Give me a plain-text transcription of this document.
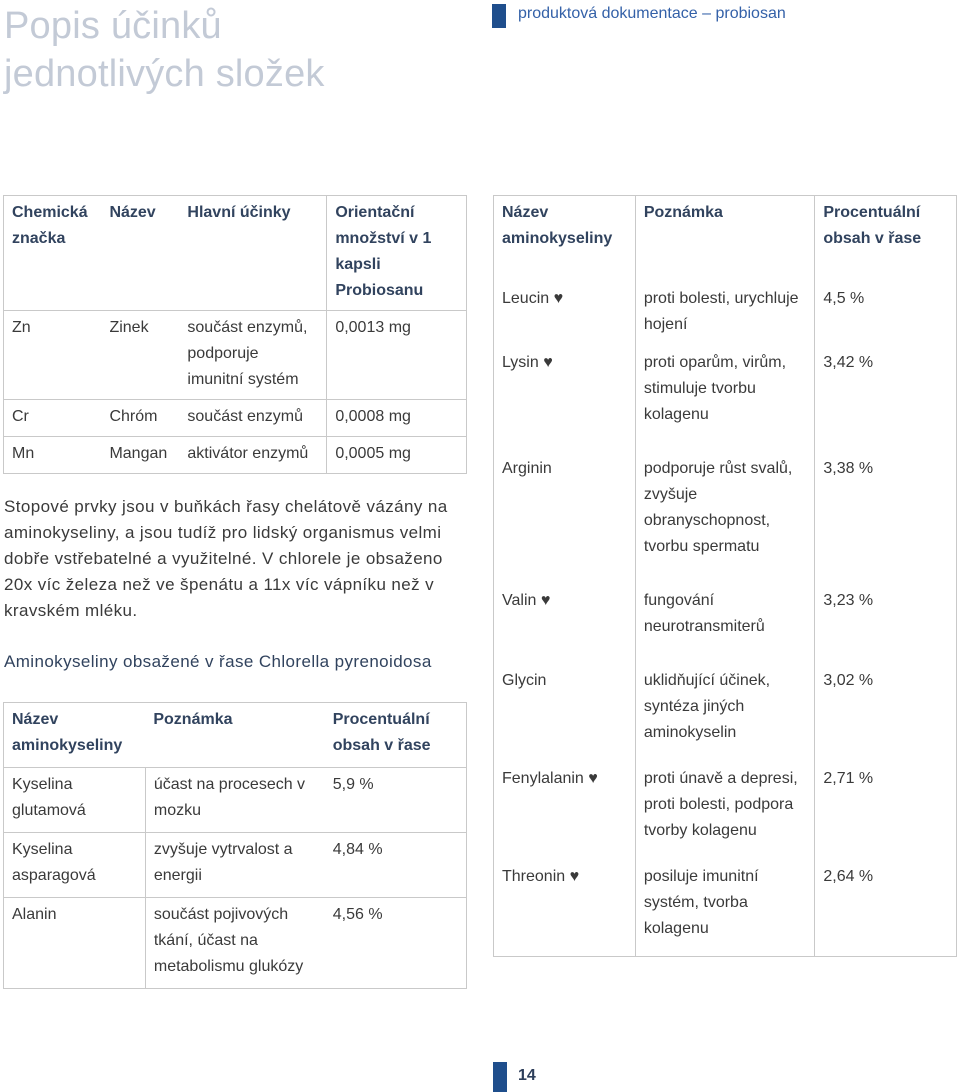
Popis účinků jednotlivých složek
produktová dokumentace – probiosan
Chemická značka	Název	Hlavní účinky	Orientační množství v 1 kapsli Probiosanu
Zn	Zinek	součást enzymů, podporuje imunitní systém	0,0013 mg
Cr	Chróm	součást enzymů	0,0008 mg
Mn	Mangan	aktivátor enzymů	0,0005 mg
Stopové prvky jsou v buňkách řasy chelátově vázány na aminokyseliny, a jsou tudíž pro lidský organismus velmi dobře vstřebatelné a využitelné. V chlorele je obsaženo 20x víc železa než ve špenátu a 11x víc vápníku než v kravském mléku.
Aminokyseliny obsažené v řase Chlorella pyrenoidosa
Název aminokyseliny	Poznámka	Procentuální obsah v řase
Kyselina glutamová	účast na procesech v mozku	5,9 %
Kyselina asparagová	zvyšuje vytrvalost a energii	4,84 %
Alanin	součást pojivových tkání, účast na metabolismu glukózy	4,56 %
Název aminokyseliny	Poznámka	Procentuální obsah v řase
Leucin ♥	proti bolesti, urychluje hojení	4,5 %
Lysin ♥	proti oparům, virům, stimuluje tvorbu kolagenu	3,42 %
Arginin	podporuje růst svalů, zvyšuje obranyschopnost, tvorbu spermatu	3,38 %
Valin ♥	fungování neurotransmiterů	3,23 %
Glycin	uklidňující účinek, syntéza jiných aminokyselin	3,02 %
Fenylalanin ♥	proti únavě a depresi, proti bolesti, podpora tvorby kolagenu	2,71 %
Threonin ♥	posiluje imunitní systém, tvorba kolagenu	2,64 %
14
